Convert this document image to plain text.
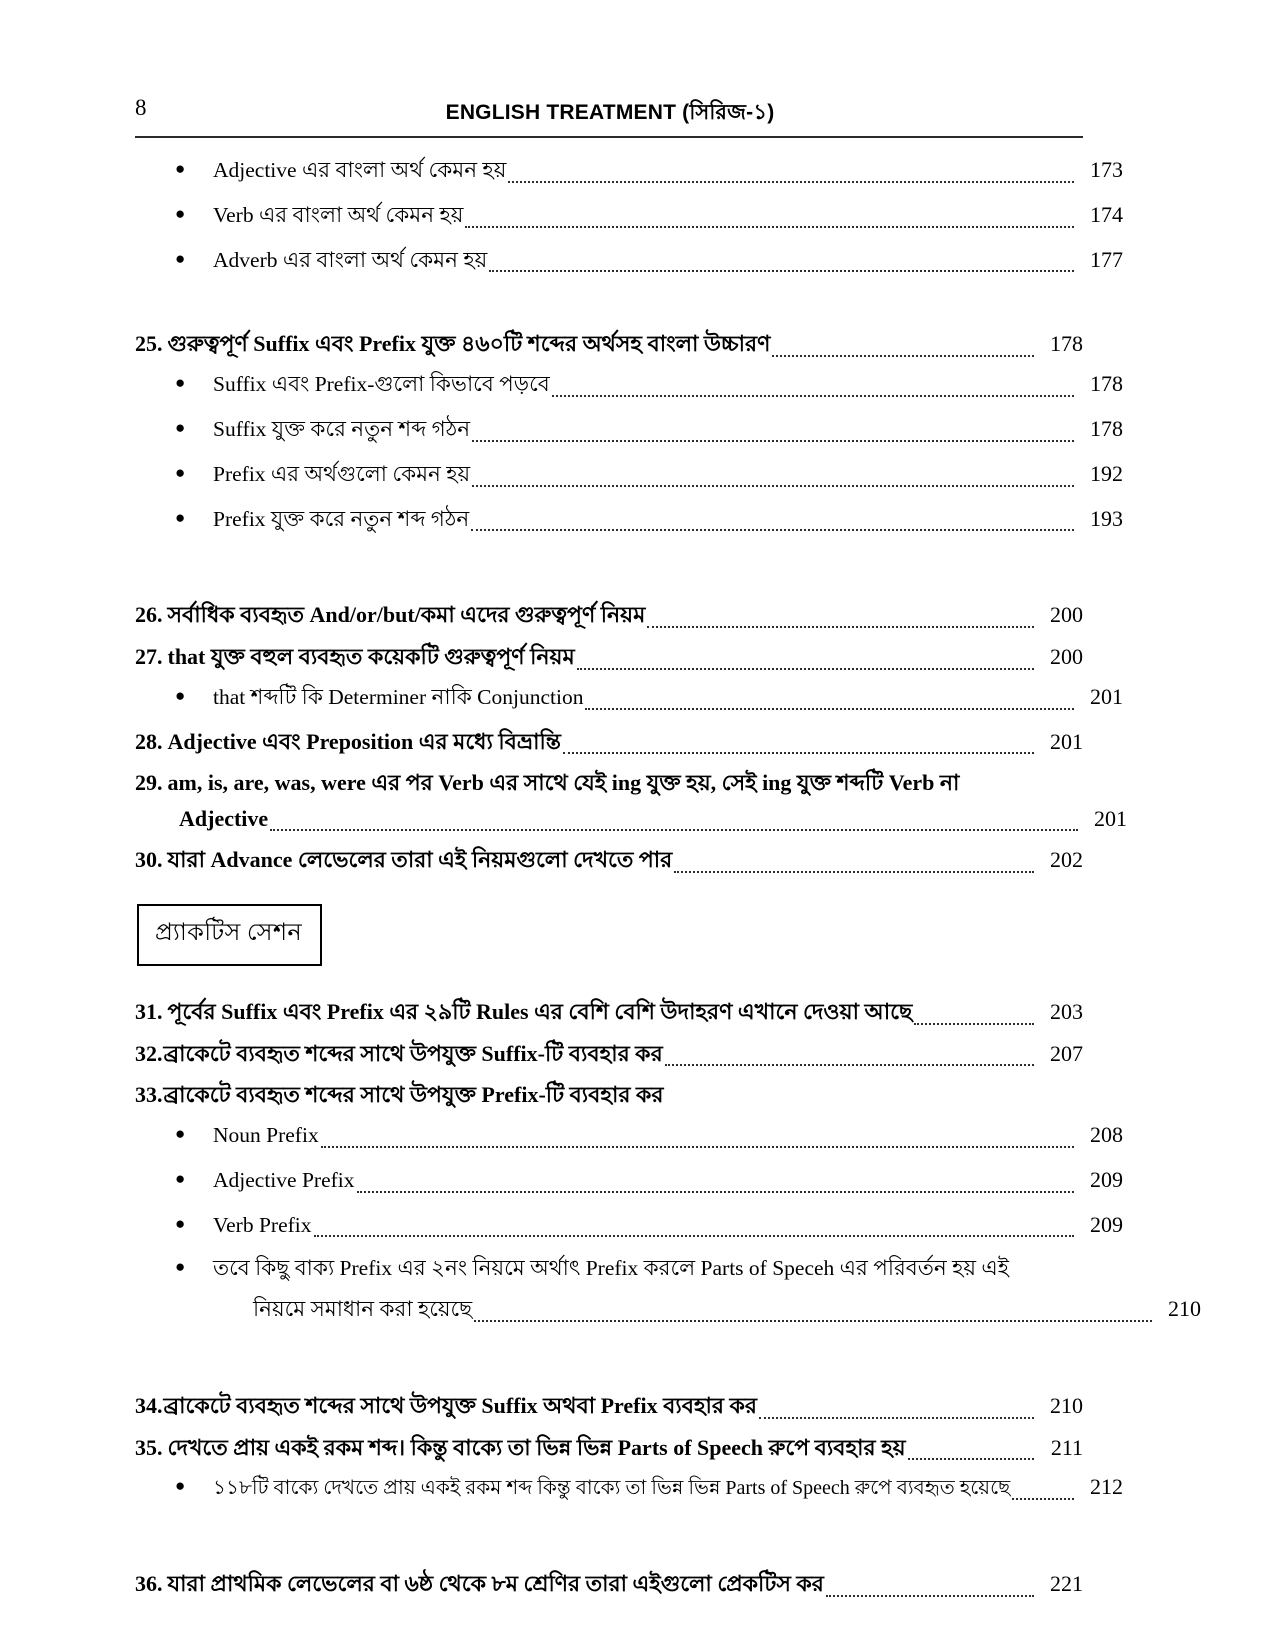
8	ENGLISH TREATMENT (সিরিজ-১)
●
Adjective এর বাংলা অর্থ কেমন হয়	173
●
Verb এর বাংলা অর্থ কেমন হয়	174
●
Adverb এর বাংলা অর্থ কেমন হয়	177
25. গুরুত্বপূর্ণ Suffix এবং Prefix যুক্ত ৪৬০টি শব্দের অর্থসহ বাংলা উচ্চারণ	178
●
Suffix এবং Prefix-গুলো কিভাবে পড়বে	178
●
Suffix যুক্ত করে নতুন শব্দ গঠন	178
●
Prefix এর অর্থগুলো কেমন হয়	192
●
Prefix যুক্ত করে নতুন শব্দ গঠন	193
26. সর্বাধিক ব্যবহৃত And/or/but/কমা এদের গুরুত্বপূর্ণ নিয়ম	200
27. that যুক্ত বহুল ব্যবহৃত কয়েকটি গুরুত্বপূর্ণ নিয়ম	200
●
that শব্দটি কি Determiner নাকি Conjunction	201
28. Adjective এবং Preposition এর মধ্যে বিভ্রান্তি	201
29. am, is, are, was, were এর পর Verb এর সাথে যেই ing যুক্ত হয়, সেই ing যুক্ত শব্দটি Verb না
Adjective	201
30. যারা Advance লেভেলের তারা এই নিয়মগুলো দেখতে পার	202
প্র্যাকটিস সেশন
31. পূর্বের Suffix এবং Prefix এর ২৯টি Rules এর বেশি বেশি উদাহরণ এখানে দেওয়া আছে	203
32. ব্রাকেটে ব্যবহৃত শব্দের সাথে উপযুক্ত Suffix-টি ব্যবহার কর	207
33. ব্রাকেটে ব্যবহৃত শব্দের সাথে উপযুক্ত Prefix-টি ব্যবহার কর
●
Noun Prefix	208
●
Adjective Prefix	209
●
Verb Prefix	209
●
তবে কিছু বাক্য Prefix এর ২নং নিয়মে অর্থাৎ Prefix করলে Parts of Speceh এর পরিবর্তন হয় এই
নিয়মে সমাধান করা হয়েছে	210
34. ব্রাকেটে ব্যবহৃত শব্দের সাথে উপযুক্ত Suffix অথবা Prefix ব্যবহার কর	210
35. দেখতে প্রায় একই রকম শব্দ। কিন্তু বাক্যে তা ভিন্ন ভিন্ন Parts of Speech রুপে ব্যবহার হয়	211
●
১১৮টি বাক্যে দেখতে প্রায় একই রকম শব্দ কিন্তু বাক্যে তা ভিন্ন ভিন্ন Parts of Speech রুপে ব্যবহৃত হয়েছে	212
36. যারা প্রাথমিক লেভেলের বা ৬ষ্ঠ থেকে ৮ম শ্রেণির তারা এইগুলো প্রেকটিস কর	221
